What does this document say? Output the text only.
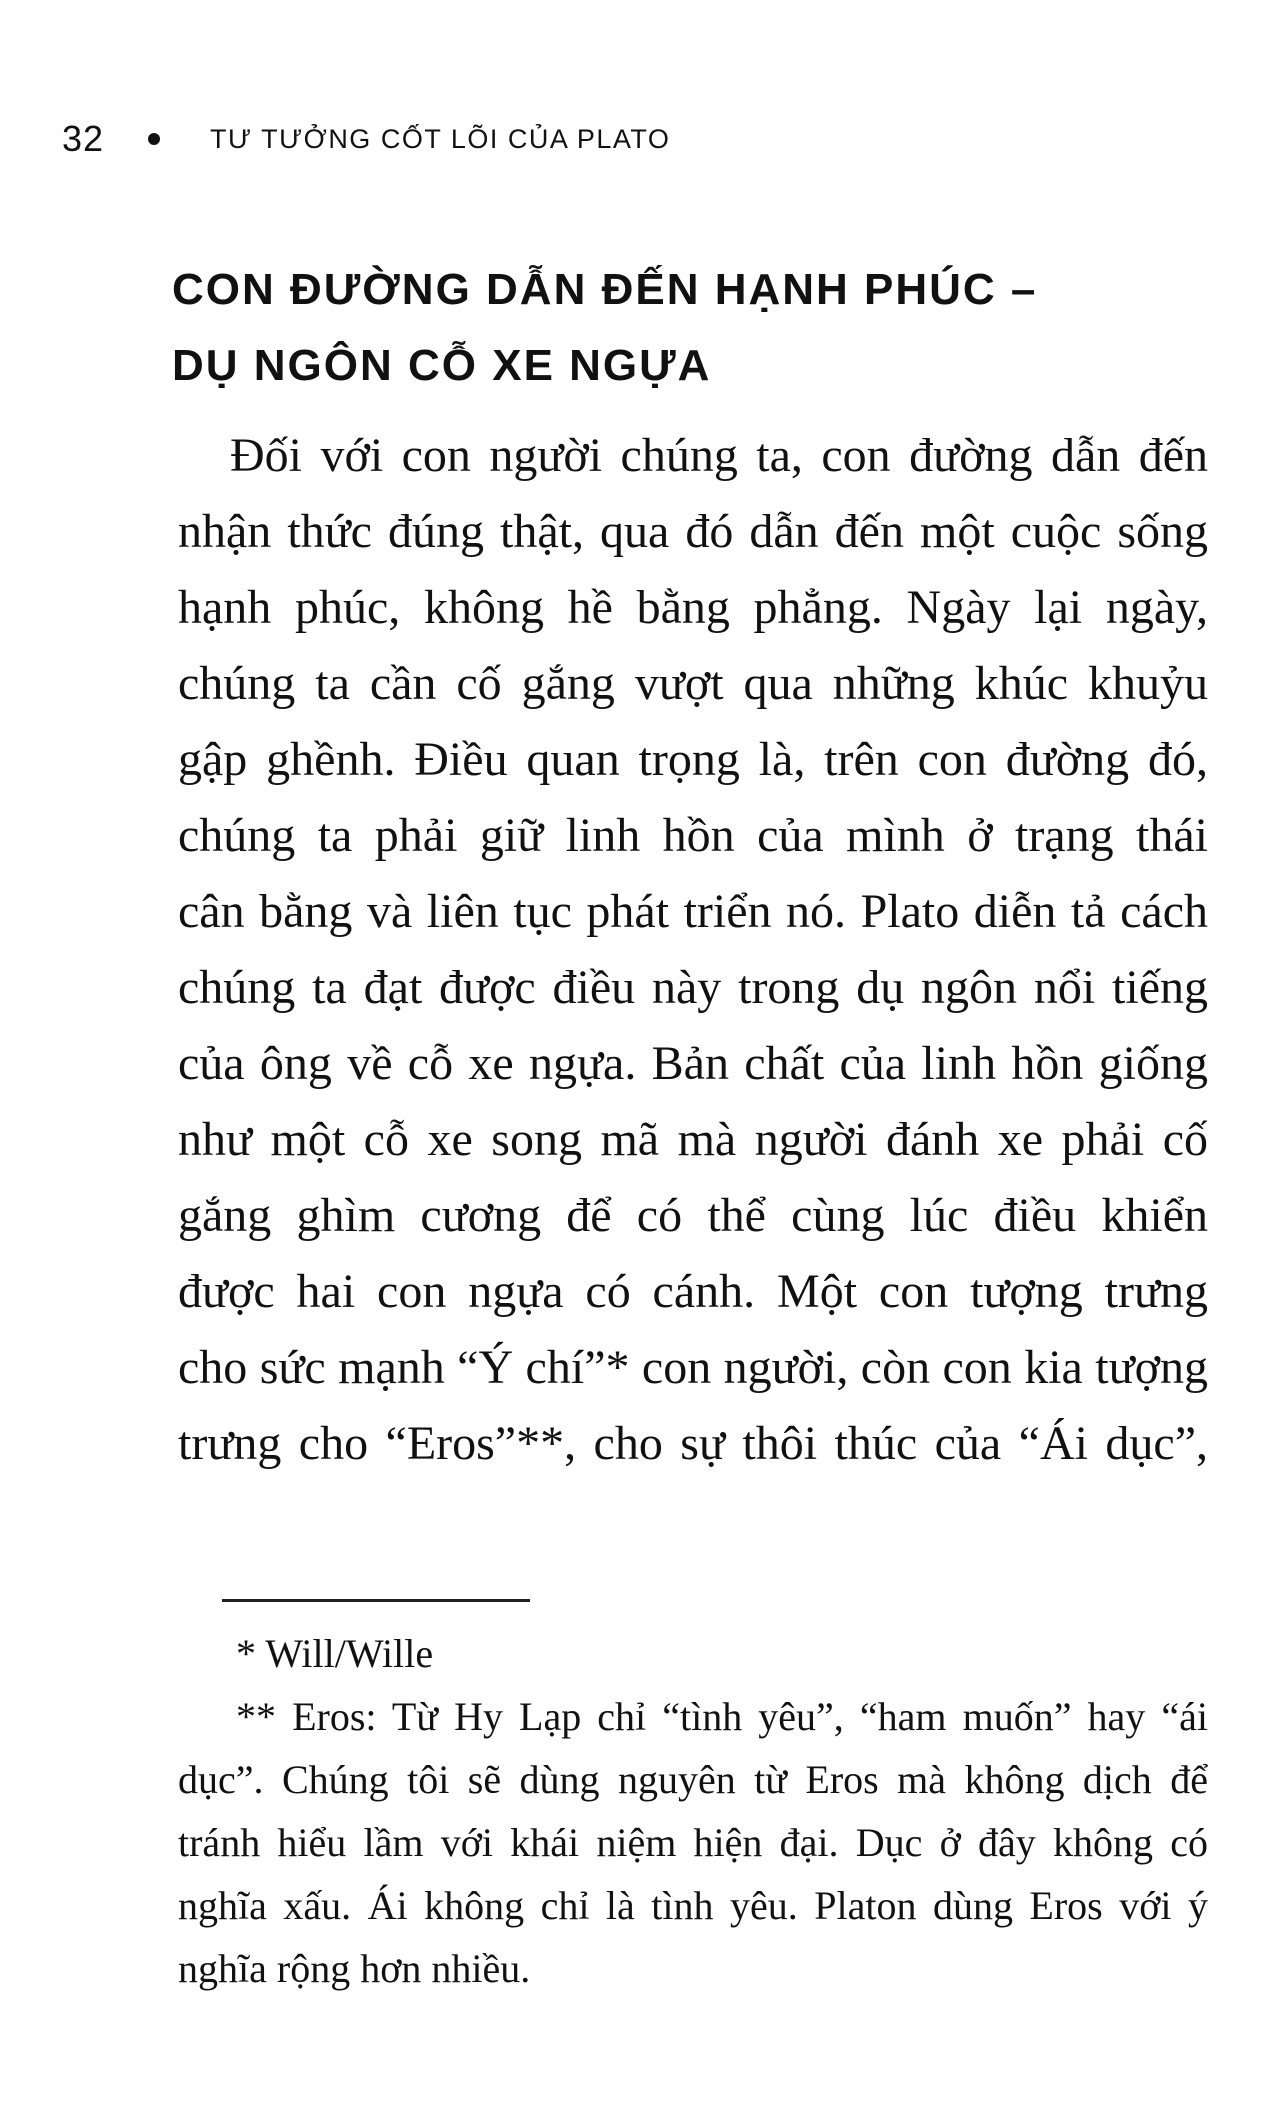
32	TƯ TƯỞNG CỐT LÕI CỦA PLATO
CON ĐƯỜNG DẪN ĐẾN HẠNH PHÚC –
DỤ NGÔN CỖ XE NGỰA
Đối với con người chúng ta, con đường dẫn đến
nhận thức đúng thật, qua đó dẫn đến một cuộc sống
hạnh phúc, không hề bằng phẳng. Ngày lại ngày,
chúng ta cần cố gắng vượt qua những khúc khuỷu
gập ghềnh. Điều quan trọng là, trên con đường đó,
chúng ta phải giữ linh hồn của mình ở trạng thái
cân bằng và liên tục phát triển nó. Plato diễn tả cách
chúng ta đạt được điều này trong dụ ngôn nổi tiếng
của ông về cỗ xe ngựa. Bản chất của linh hồn giống
như một cỗ xe song mã mà người đánh xe phải cố
gắng ghìm cương để có thể cùng lúc điều khiển
được hai con ngựa có cánh. Một con tượng trưng
cho sức mạnh “Ý chí”* con người, còn con kia tượng
trưng cho “Eros”**, cho sự thôi thúc của “Ái dục”,
* Will/Wille
** Eros: Từ Hy Lạp chỉ “tình yêu”, “ham muốn” hay “ái
dục”. Chúng tôi sẽ dùng nguyên từ Eros mà không dịch để
tránh hiểu lầm với khái niệm hiện đại. Dục ở đây không có
nghĩa xấu. Ái không chỉ là tình yêu. Platon dùng Eros với ý
nghĩa rộng hơn nhiều.
